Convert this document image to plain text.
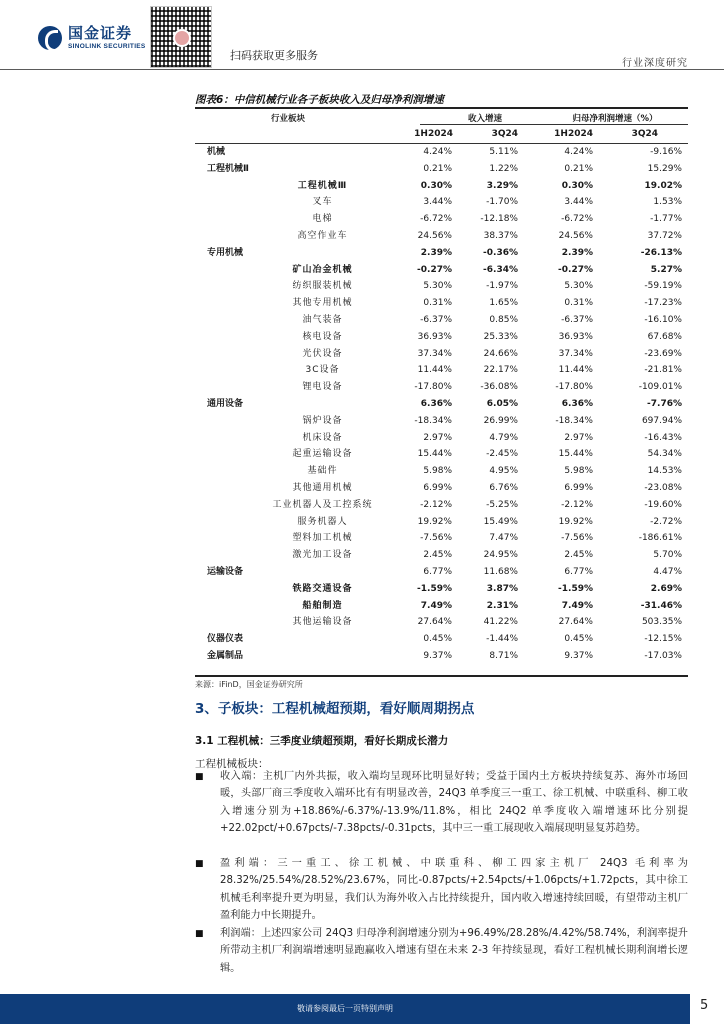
国金证券
SINOLINK SECURITIES
扫码获取更多服务
行业深度研究
图表6：中信机械行业各子板块收入及归母净利润增速
行业板块	收入增速	归母净利润增速（%）
1H2024	3Q24	1H2024	3Q24
机械	4.24%	5.11%	4.24%	-9.16%
工程机械Ⅱ	0.21%	1.22%	0.21%	15.29%
工程机械Ⅲ	0.30%	3.29%	0.30%	19.02%
叉车	3.44%	-1.70%	3.44%	1.53%
电梯	-6.72%	-12.18%	-6.72%	-1.77%
高空作业车	24.56%	38.37%	24.56%	37.72%
专用机械	2.39%	-0.36%	2.39%	-26.13%
矿山冶金机械	-0.27%	-6.34%	-0.27%	5.27%
纺织服装机械	5.30%	-1.97%	5.30%	-59.19%
其他专用机械	0.31%	1.65%	0.31%	-17.23%
油气装备	-6.37%	0.85%	-6.37%	-16.10%
核电设备	36.93%	25.33%	36.93%	67.68%
光伏设备	37.34%	24.66%	37.34%	-23.69%
3C设备	11.44%	22.17%	11.44%	-21.81%
锂电设备	-17.80%	-36.08%	-17.80%	-109.01%
通用设备	6.36%	6.05%	6.36%	-7.76%
锅炉设备	-18.34%	26.99%	-18.34%	697.94%
机床设备	2.97%	4.79%	2.97%	-16.43%
起重运输设备	15.44%	-2.45%	15.44%	54.34%
基础件	5.98%	4.95%	5.98%	14.53%
其他通用机械	6.99%	6.76%	6.99%	-23.08%
工业机器人及工控系统	-2.12%	-5.25%	-2.12%	-19.60%
服务机器人	19.92%	15.49%	19.92%	-2.72%
塑料加工机械	-7.56%	7.47%	-7.56%	-186.61%
激光加工设备	2.45%	24.95%	2.45%	5.70%
运输设备	6.77%	11.68%	6.77%	4.47%
铁路交通设备	-1.59%	3.87%	-1.59%	2.69%
船舶制造	7.49%	2.31%	7.49%	-31.46%
其他运输设备	27.64%	41.22%	27.64%	503.35%
仪器仪表	0.45%	-1.44%	0.45%	-12.15%
金属制品	9.37%	8.71%	9.37%	-17.03%
来源：iFinD，国金证券研究所
3、子板块：工程机械超预期，看好顺周期拐点
3.1 工程机械：三季度业绩超预期，看好长期成长潜力
工程机械板块：
■ 收入端：主机厂内外共振，收入端均呈现环比明显好转；受益于国内土方板块持续复苏、海外市场回暖，头部厂商三季度收入端环比有有明显改善，24Q3 单季度三一重工、徐工机械、中联重科、柳工收入增速分别为+18.86%/-6.37%/-13.9%/11.8%，相比 24Q2 单季度收入端增速环比分别提+22.02pct/+0.67pcts/-7.38pcts/-0.31pcts，其中三一重工展现收入端展现明显复苏趋势。
■ 盈利端：三一重工、徐工机械、中联重科、柳工四家主机厂 24Q3 毛利率为28.32%/25.54%/28.52%/23.67%，同比-0.87pcts/+2.54pcts/+1.06pcts/+1.72pcts，其中徐工机械毛利率提升更为明显，我们认为海外收入占比持续提升，国内收入增速持续回暖，有望带动主机厂盈利能力中长期提升。
■ 利润端：上述四家公司 24Q3 归母净利润增速分别为+96.49%/28.28%/4.42%/58.74%，利润率提升所带动主机厂利润端增速明显跑赢收入增速有望在未来 2-3 年持续显现，看好工程机械长期利润增长逻辑。
敬请参阅最后一页特别声明	5
